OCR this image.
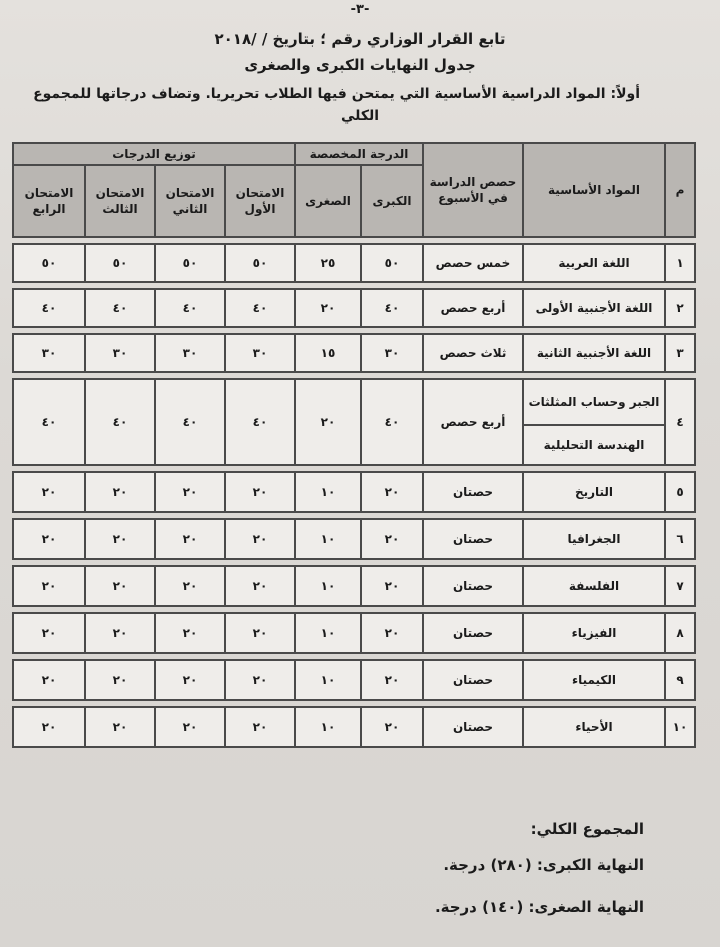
-٣-
تابع القرار الوزاري رقم ؛ بتاريخ / /٢٠١٨
جدول النهايات الكبرى والصغرى
أولاً: المواد الدراسية الأساسية التي يمتحن فيها الطلاب تحريريا. وتضاف درجاتها للمجموع
الكلي
م	المواد الأساسية	حصص الدراسة في الأسبوع	الدرجة المخصصة		توزيع الدرجات			
			الكبرى	الصغرى	الامتحان الأول	الامتحان الثاني	الامتحان الثالث	الامتحان الرابع

١	اللغة العربية	خمس حصص	٥٠	٢٥	٥٠	٥٠	٥٠	٥٠

٢	اللغة الأجنبية الأولى	أربع حصص	٤٠	٢٠	٤٠	٤٠	٤٠	٤٠

٣	اللغة الأجنبية الثانية	ثلاث حصص	٣٠	١٥	٣٠	٣٠	٣٠	٣٠

٤	الجبر وحساب المثلثات	أربع حصص	٤٠	٢٠	٤٠	٤٠	٤٠	٤٠
	الهندسة التحليلية							

٥	التاريخ	حصتان	٢٠	١٠	٢٠	٢٠	٢٠	٢٠

٦	الجغرافيا	حصتان	٢٠	١٠	٢٠	٢٠	٢٠	٢٠

٧	الفلسفة	حصتان	٢٠	١٠	٢٠	٢٠	٢٠	٢٠

٨	الفيزياء	حصتان	٢٠	١٠	٢٠	٢٠	٢٠	٢٠

٩	الكيمياء	حصتان	٢٠	١٠	٢٠	٢٠	٢٠	٢٠

١٠	الأحياء	حصتان	٢٠	١٠	٢٠	٢٠	٢٠	٢٠
المجموع الكلي:
النهاية الكبرى: (٢٨٠) درجة.
النهاية الصغرى: (١٤٠) درجة.
